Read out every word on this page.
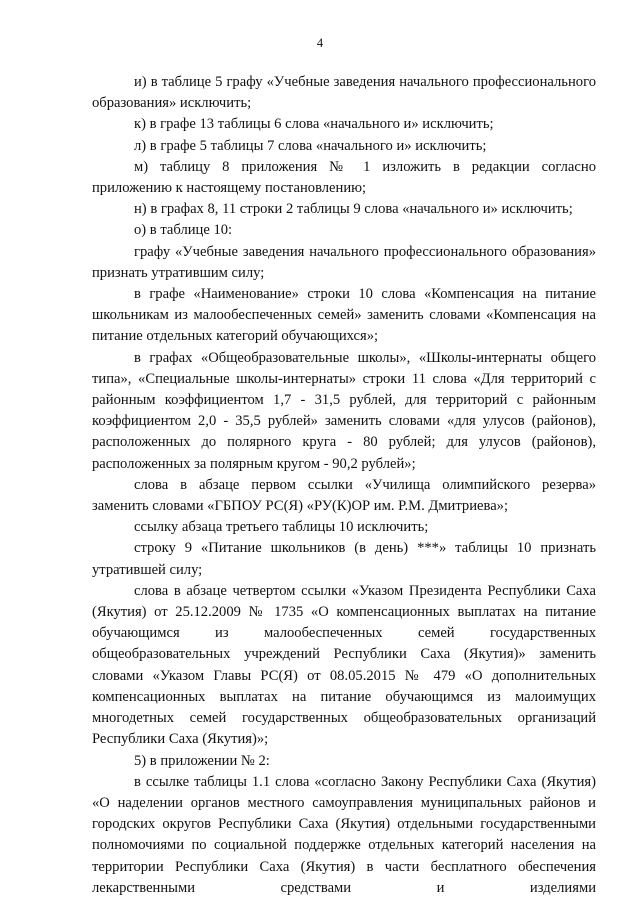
4

и) в таблице 5 графу «Учебные заведения начального профессионального образования» исключить;

к) в графе 13 таблицы 6 слова «начального и» исключить;

л) в графе 5 таблицы 7 слова «начального и» исключить;

м) таблицу 8 приложения № 1 изложить в редакции согласно приложению к настоящему постановлению;

н) в графах 8, 11 строки 2 таблицы 9 слова «начального и» исключить;

о) в таблице 10:

графу «Учебные заведения начального профессионального образования» признать утратившим силу;

в графе «Наименование» строки 10 слова «Компенсация на питание школьникам из малообеспеченных семей» заменить словами «Компенсация на питание отдельных категорий обучающихся»;

в графах «Общеобразовательные школы», «Школы-интернаты общего типа», «Специальные школы-интернаты» строки 11 слова «Для территорий с районным коэффициентом 1,7 - 31,5 рублей, для территорий с районным коэффициентом 2,0 - 35,5 рублей» заменить словами «для улусов (районов), расположенных до полярного круга - 80 рублей; для улусов (районов), расположенных за полярным кругом - 90,2 рублей»;

слова в абзаце первом ссылки «Училища олимпийского резерва» заменить словами «ГБПОУ РС(Я) «РУ(К)ОР им. Р.М. Дмитриева»;

ссылку абзаца третьего таблицы 10 исключить;

строку 9 «Питание школьников (в день) ***» таблицы 10 признать утратившей силу;

слова в абзаце четвертом ссылки «Указом Президента Республики Саха (Якутия) от 25.12.2009 № 1735 «О компенсационных выплатах на питание обучающимся из малообеспеченных семей государственных общеобразовательных учреждений Республики Саха (Якутия)» заменить словами «Указом Главы РС(Я) от 08.05.2015 № 479 «О дополнительных компенсационных выплатах на питание обучающимся из малоимущих многодетных семей государственных общеобразовательных организаций Республики Саха (Якутия)»;

5) в приложении № 2:

в ссылке таблицы 1.1 слова «согласно Закону Республики Саха (Якутия) «О наделении органов местного самоуправления муниципальных районов и городских округов Республики Саха (Якутия) отдельными государственными полномочиями по социальной поддержке отдельных категорий населения на территории Республики Саха (Якутия) в части бесплатного обеспечения лекарственными средствами и изделиями
